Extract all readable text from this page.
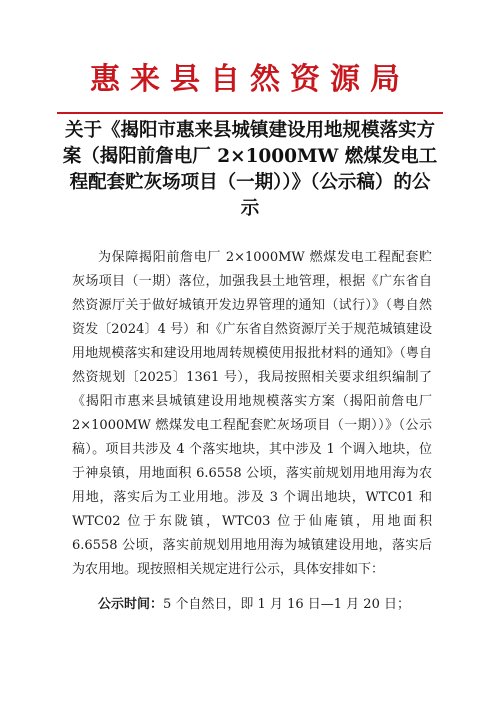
惠来县自然资源局
关于《揭阳市惠来县城镇建设用地规模落实方案（揭阳前詹电厂 2×1000MW 燃煤发电工程配套贮灰场项目（一期））》（公示稿）的公示
为保障揭阳前詹电厂 2×1000MW 燃煤发电工程配套贮灰场项目（一期）落位，加强我县土地管理，根据《广东省自然资源厅关于做好城镇开发边界管理的通知（试行）》（粤自然资发〔2024〕4 号）和《广东省自然资源厅关于规范城镇建设用地规模落实和建设用地周转规模使用报批材料的通知》（粤自然资规划〔2025〕1361 号），我局按照相关要求组织编制了《揭阳市惠来县城镇建设用地规模落实方案（揭阳前詹电厂 2×1000MW 燃煤发电工程配套贮灰场项目（一期））》（公示稿）。项目共涉及 4 个落实地块，其中涉及 1 个调入地块，位于神泉镇，用地面积 6.6558 公顷，落实前规划用地用海为农用地，落实后为工业用地。涉及 3 个调出地块，WTC01 和 WTC02 位于东陇镇，WTC03 位于仙庵镇，用地面积 6.6558 公顷，落实前规划用地用海为城镇建设用地，落实后为农用地。现按照相关规定进行公示，具体安排如下：
公示时间：5 个自然日，即 1 月 16 日—1 月 20 日；
